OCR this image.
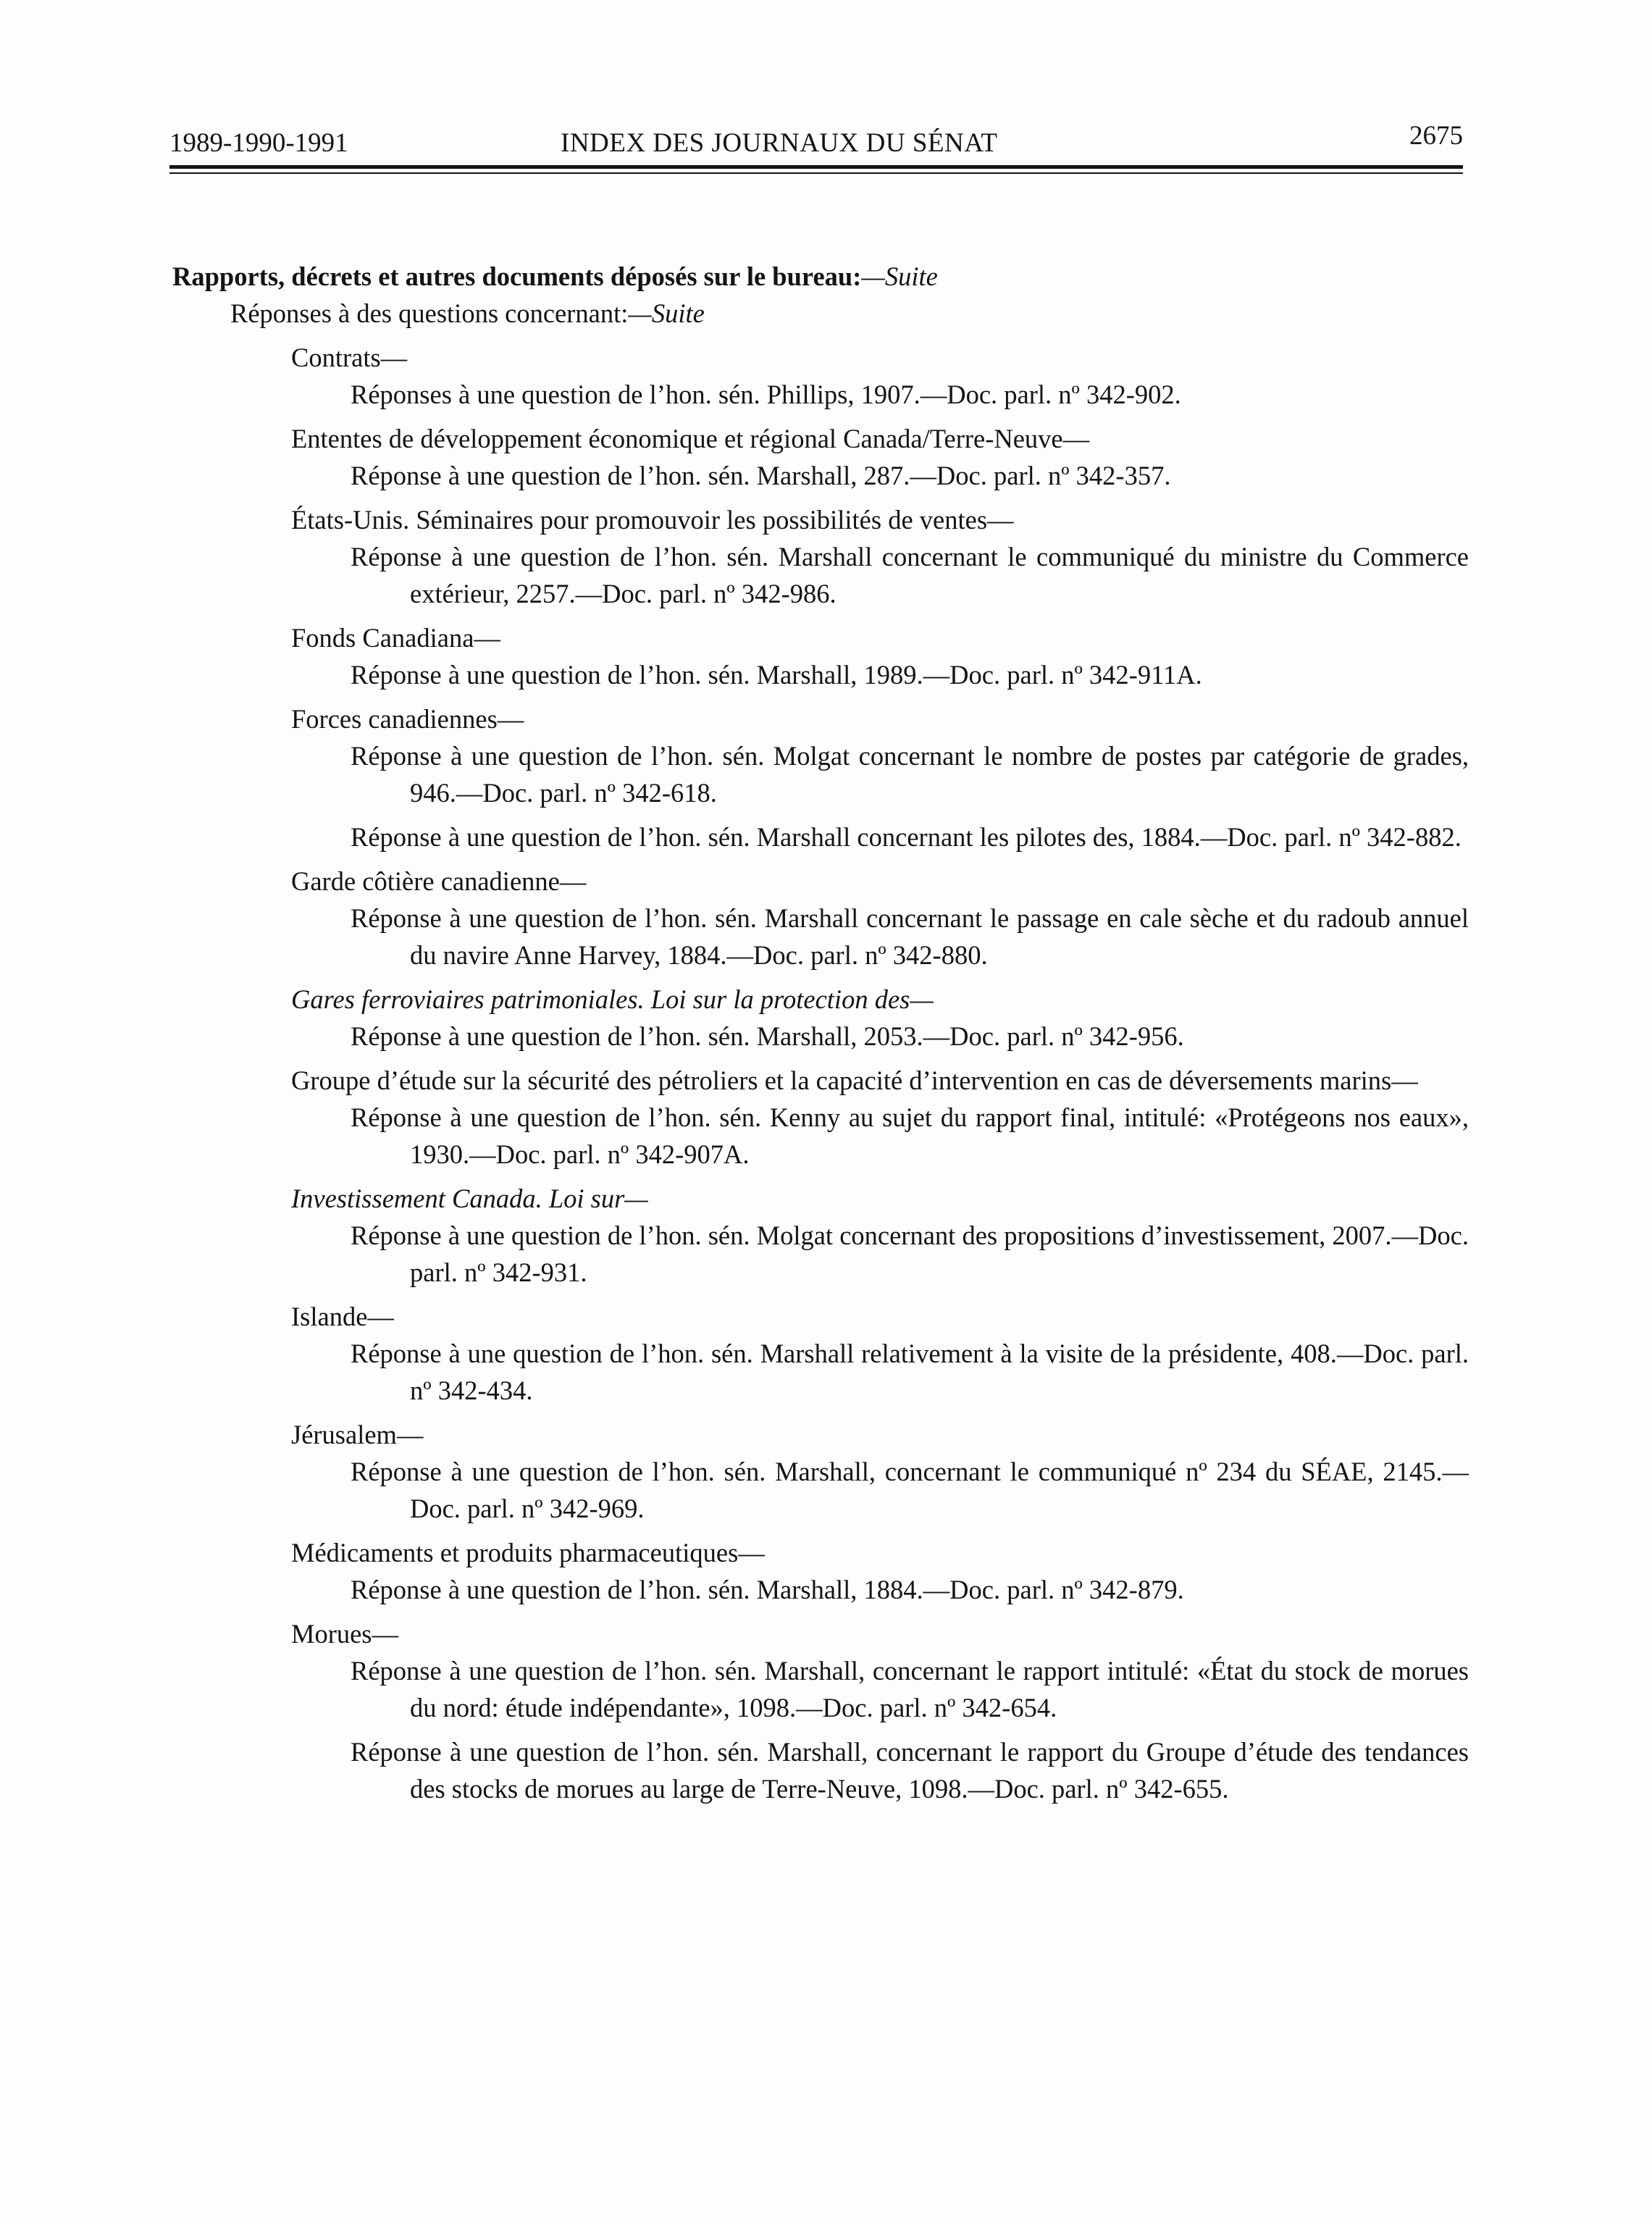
1989-1990-1991	INDEX DES JOURNAUX DU SÉNAT	2675
Rapports, décrets et autres documents déposés sur le bureau:—Suite
Réponses à des questions concernant:—Suite
Contrats—
Réponses à une question de l’hon. sén. Phillips, 1907.—Doc. parl. nº 342-902.
Ententes de développement économique et régional Canada/Terre-Neuve—
Réponse à une question de l’hon. sén. Marshall, 287.—Doc. parl. nº 342-357.
États-Unis. Séminaires pour promouvoir les possibilités de ventes—
Réponse à une question de l’hon. sén. Marshall concernant le communiqué du ministre du Commerce extérieur, 2257.—Doc. parl. nº 342-986.
Fonds Canadiana—
Réponse à une question de l’hon. sén. Marshall, 1989.—Doc. parl. nº 342-911A.
Forces canadiennes—
Réponse à une question de l’hon. sén. Molgat concernant le nombre de postes par catégorie de grades, 946.—Doc. parl. nº 342-618.
Réponse à une question de l’hon. sén. Marshall concernant les pilotes des, 1884.—Doc. parl. nº 342-882.
Garde côtière canadienne—
Réponse à une question de l’hon. sén. Marshall concernant le passage en cale sèche et du radoub annuel du navire Anne Harvey, 1884.—Doc. parl. nº 342-880.
Gares ferroviaires patrimoniales. Loi sur la protection des—
Réponse à une question de l’hon. sén. Marshall, 2053.—Doc. parl. nº 342-956.
Groupe d’étude sur la sécurité des pétroliers et la capacité d’intervention en cas de déversements marins—
Réponse à une question de l’hon. sén. Kenny au sujet du rapport final, intitulé: «Protégeons nos eaux», 1930.—Doc. parl. nº 342-907A.
Investissement Canada. Loi sur—
Réponse à une question de l’hon. sén. Molgat concernant des propositions d’investissement, 2007.—Doc. parl. nº 342-931.
Islande—
Réponse à une question de l’hon. sén. Marshall relativement à la visite de la présidente, 408.—Doc. parl. nº 342-434.
Jérusalem—
Réponse à une question de l’hon. sén. Marshall, concernant le communiqué nº 234 du SÉAE, 2145.—Doc. parl. nº 342-969.
Médicaments et produits pharmaceutiques—
Réponse à une question de l’hon. sén. Marshall, 1884.—Doc. parl. nº 342-879.
Morues—
Réponse à une question de l’hon. sén. Marshall, concernant le rapport intitulé: «État du stock de morues du nord: étude indépendante», 1098.—Doc. parl. nº 342-654.
Réponse à une question de l’hon. sén. Marshall, concernant le rapport du Groupe d’étude des tendances des stocks de morues au large de Terre-Neuve, 1098.—Doc. parl. nº 342-655.
